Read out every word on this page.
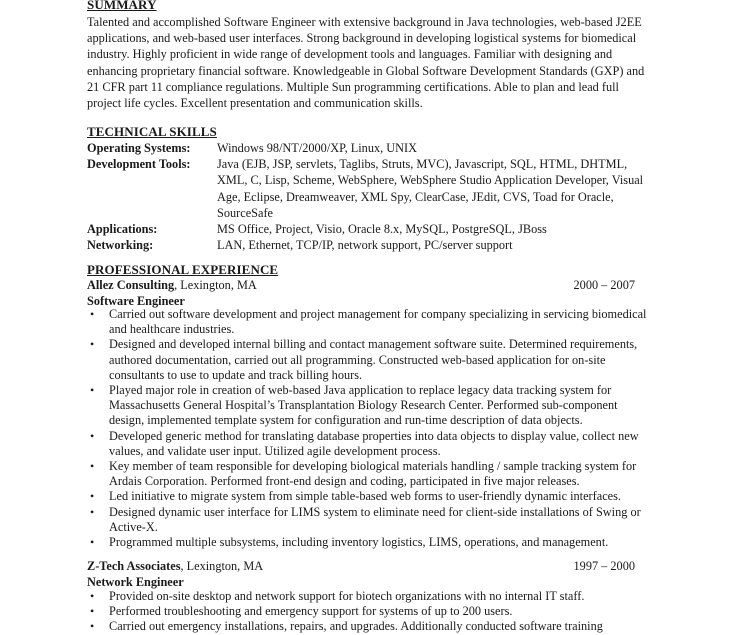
SUMMARY

Talented and accomplished Software Engineer with extensive background in Java technologies, web-based J2EE applications, and web-based user interfaces. Strong background in developing logistical systems for biomedical industry. Highly proficient in wide range of development tools and languages. Familiar with designing and enhancing proprietary financial software. Knowledgeable in Global Software Development Standards (GXP) and 21 CFR part 11 compliance regulations. Multiple Sun programming certifications. Able to plan and lead full project life cycles. Excellent presentation and communication skills.

TECHNICAL SKILLS
Operating Systems:	Windows 98/NT/2000/XP, Linux, UNIX
Development Tools:	Java (EJB, JSP, servlets, Taglibs, Struts, MVC), Javascript, SQL, HTML, DHTML, XML, C, Lisp, Scheme, WebSphere, WebSphere Studio Application Developer, Visual Age, Eclipse, Dreamweaver, XML Spy, ClearCase, JEdit, CVS, Toad for Oracle, SourceSafe
Applications:	MS Office, Project, Visio, Oracle 8.x, MySQL, PostgreSQL, JBoss
Networking:	LAN, Ethernet, TCP/IP, network support, PC/server support
PROFESSIONAL EXPERIENCE
Allez Consulting, Lexington, MA	2000 – 2007
Software Engineer
• Carried out software development and project management for company specializing in servicing biomedical and healthcare industries.
• Designed and developed internal billing and contact management software suite. Determined requirements, authored documentation, carried out all programming. Constructed web-based application for on-site consultants to use to update and track billing hours.
• Played major role in creation of web-based Java application to replace legacy data tracking system for Massachusetts General Hospital’s Transplantation Biology Research Center. Performed sub-component design, implemented template system for configuration and run-time description of data objects.
• Developed generic method for translating database properties into data objects to display value, collect new values, and validate user input. Utilized agile development process.
• Key member of team responsible for developing biological materials handling / sample tracking system for Ardais Corporation. Performed front-end design and coding, participated in five major releases.
• Led initiative to migrate system from simple table-based web forms to user-friendly dynamic interfaces.
• Designed dynamic user interface for LIMS system to eliminate need for client-side installations of Swing or Active-X.
• Programmed multiple subsystems, including inventory logistics, LIMS, operations, and management.
Z-Tech Associates, Lexington, MA	1997 – 2000
Network Engineer
• Provided on-site desktop and network support for biotech organizations with no internal IT staff.
• Performed troubleshooting and emergency support for systems of up to 200 users.
• Carried out emergency installations, repairs, and upgrades. Additionally conducted software training
